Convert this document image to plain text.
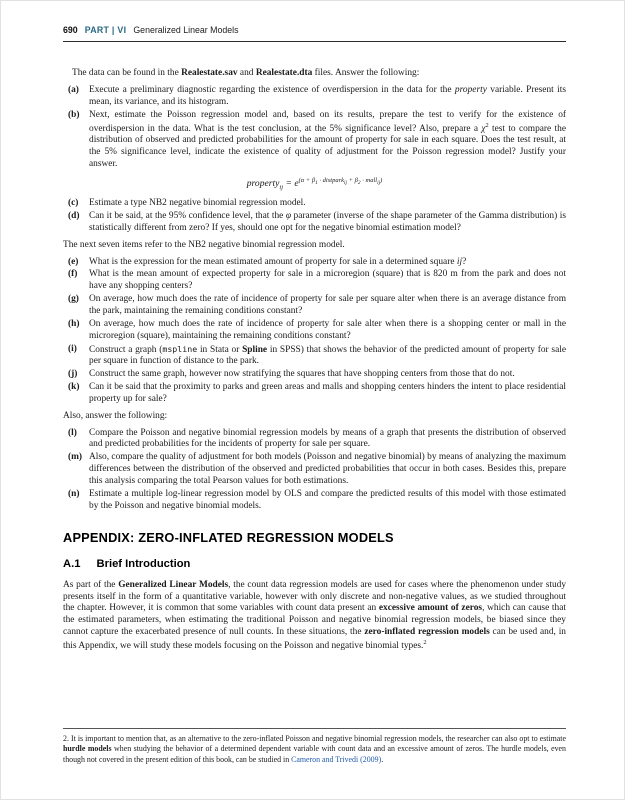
690 PART | VI Generalized Linear Models

The data can be found in the Realestate.sav and Realestate.dta files. Answer the following:

(a) Execute a preliminary diagnostic regarding the existence of overdispersion in the data for the property variable. Present its mean, its variance, and its histogram.
(b) Next, estimate the Poisson regression model and, based on its results, prepare the test to verify for the existence of overdispersion in the data. What is the test conclusion, at the 5% significance level? Also, prepare a $\chi^2$ test to compare the distribution of observed and predicted probabilities for the amount of property for sale in each square. Does the test result, at the 5% significance level, indicate the existence of quality of adjustment for the Poisson regression model? Justify your answer.
property$_{ij}$ = $e^{(\alpha + \beta 1}$ $^{\cdot distparkij}$ $^{+ \beta 2}$ $^{\cdot mallij)}$
(c) Estimate a type NB2 negative binomial regression model.
(d) Can it be said, at the 95% confidence level, that the φ parameter (inverse of the shape parameter of the Gamma distribution) is statistically different from zero? If yes, should one opt for the negative binomial estimation model?

The next seven items refer to the NB2 negative binomial regression model.

(e) What is the expression for the mean estimated amount of property for sale in a determined square ij?
(f) What is the mean amount of expected property for sale in a microregion (square) that is 820 m from the park and does not have any shopping centers?
(g) On average, how much does the rate of incidence of property for sale per square alter when there is an average distance from the park, maintaining the remaining conditions constant?
(h) On average, how much does the rate of incidence of property for sale alter when there is a shopping center or mall in the microregion (square), maintaining the remaining conditions constant?
(i) Construct a graph (mspline in Stata or Spline in SPSS) that shows the behavior of the predicted amount of property for sale per square in function of distance to the park.
(j) Construct the same graph, however now stratifying the squares that have shopping centers from those that do not.
(k) Can it be said that the proximity to parks and green areas and malls and shopping centers hinders the intent to place residential property up for sale?

Also, answer the following:

(l) Compare the Poisson and negative binomial regression models by means of a graph that presents the distribution of observed and predicted probabilities for the incidents of property for sale per square.
(m) Also, compare the quality of adjustment for both models (Poisson and negative binomial) by means of analyzing the maximum differences between the distribution of the observed and predicted probabilities that occur in both cases. Besides this, prepare this analysis comparing the total Pearson values for both estimations.
(n) Estimate a multiple log-linear regression model by OLS and compare the predicted results of this model with those estimated by the Poisson and negative binomial models.
APPENDIX: ZERO-INFLATED REGRESSION MODELS
A.1 Brief Introduction

As part of the Generalized Linear Models, the count data regression models are used for cases where the phenomenon under study presents itself in the form of a quantitative variable, however with only discrete and non-negative values, as we studied throughout the chapter. However, it is common that some variables with count data present an excessive amount of zeros, which can cause that the estimated parameters, when estimating the traditional Poisson and negative binomial regression models, be biased since they cannot capture the exacerbated presence of null counts. In these situations, the zero-inflated regression models can be used and, in this Appendix, we will study these models focusing on the Poisson and negative binomial types.$^2$

2. It is important to mention that, as an alternative to the zero-inflated Poisson and negative binomial regression models, the researcher can also opt to estimate hurdle models when studying the behavior of a determined dependent variable with count data and an excessive amount of zeros. The hurdle models, even though not covered in the present edition of this book, can be studied in Cameron and Trivedi (2009).
